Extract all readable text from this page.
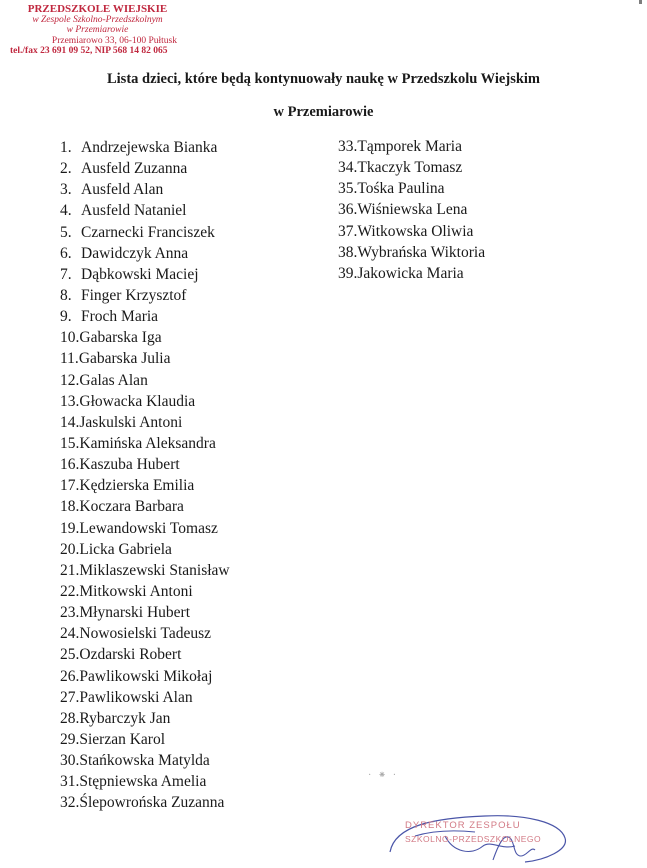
PRZEDSZKOLE WIEJSKIE
w Zespole Szkolno-Przedszkolnym
w Przemiarowie
Przemiarowo 33, 06-100 Pułtusk
tel./fax 23 691 09 52, NIP 568 14 82 065
Lista dzieci, które będą kontynuowały naukę w Przedszkolu Wiejskim
w Przemiarowie
1. Andrzejewska Bianka
2. Ausfeld Zuzanna
3. Ausfeld Alan
4. Ausfeld Nataniel
5. Czarnecki Franciszek
6. Dawidczyk Anna
7. Dąbkowski Maciej
8. Finger Krzysztof
9. Froch Maria
10.Gabarska Iga
11.Gabarska Julia
12.Galas Alan
13.Głowacka Klaudia
14.Jaskulski Antoni
15.Kamińska Aleksandra
16.Kaszuba Hubert
17.Kędzierska Emilia
18.Koczara Barbara
19.Lewandowski Tomasz
20.Licka Gabriela
21.Miklaszewski Stanisław
22.Mitkowski Antoni
23.Młynarski Hubert
24.Nowosielski Tadeusz
25.Ozdarski Robert
26.Pawlikowski Mikołaj
27.Pawlikowski Alan
28.Rybarczyk Jan
29.Sierzan Karol
30.Stańkowska Matylda
31.Stępniewska Amelia
32.Ślepowrońska Zuzanna
33.Tąmporek Maria
34.Tkaczyk Tomasz
35.Tośka Paulina
36.Wiśniewska Lena
37.Witkowska Oliwia
38.Wybrańska Wiktoria
39.Jakowicka Maria
· ⁕ ·
DYREKTOR ZESPOŁU
SZKOLNO-PRZEDSZKOLNEGO
